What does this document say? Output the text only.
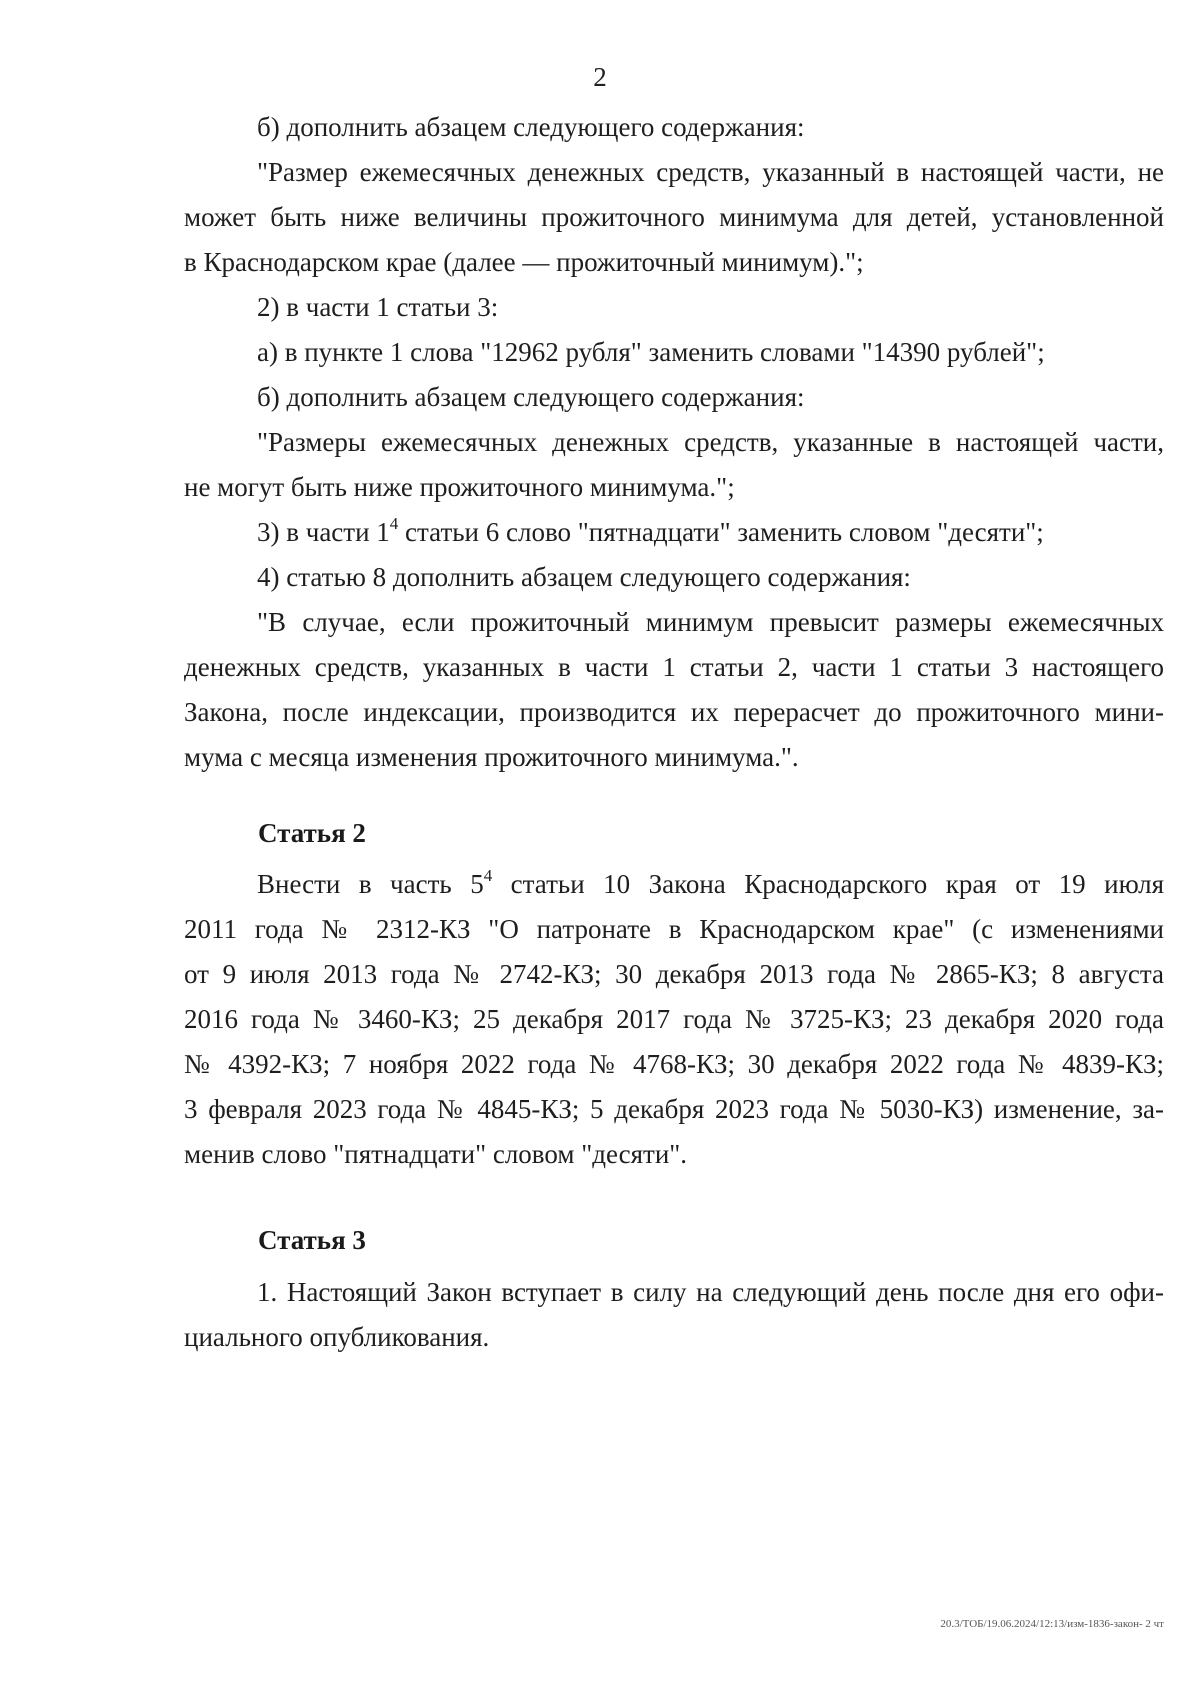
2

б) дополнить абзацем следующего содержания:

"Размер ежемесячных денежных средств, указанный в настоящей части, не

может быть ниже величины прожиточного минимума для детей, установленной

в Краснодарском крае (далее — прожиточный минимум).";

2) в части 1 статьи 3:

а) в пункте 1 слова "12962 рубля" заменить словами "14390 рублей";

б) дополнить абзацем следующего содержания:

"Размеры ежемесячных денежных средств, указанные в настоящей части,

не могут быть ниже прожиточного минимума.";

3) в части $1^4$ статьи 6 слово "пятнадцати" заменить словом "десяти";

4) статью 8 дополнить абзацем следующего содержания:

"В случае, если прожиточный минимум превысит размеры ежемесячных

денежных средств, указанных в части 1 статьи 2, части 1 статьи 3 настоящего

Закона, после индексации, производится их перерасчет до прожиточного мини-

мума с месяца изменения прожиточного минимума.".

Статья 2

Внести в часть $5^4$ статьи 10 Закона Краснодарского края от 19 июля

2011 года № 2312-КЗ "О патронате в Краснодарском крае" (с изменениями

от 9 июля 2013 года № 2742-КЗ; 30 декабря 2013 года № 2865-КЗ; 8 августа

2016 года № 3460-КЗ; 25 декабря 2017 года № 3725-КЗ; 23 декабря 2020 года

№ 4392-КЗ; 7 ноября 2022 года № 4768-КЗ; 30 декабря 2022 года № 4839-КЗ;

3 февраля 2023 года № 4845-КЗ; 5 декабря 2023 года № 5030-КЗ) изменение, за-

менив слово "пятнадцати" словом "десяти".

Статья 3

1. Настоящий Закон вступает в силу на следующий день после дня его офи-

циального опубликования.

20.3/ТОБ/19.06.2024/12:13/изм-1836-закон- 2 чт
